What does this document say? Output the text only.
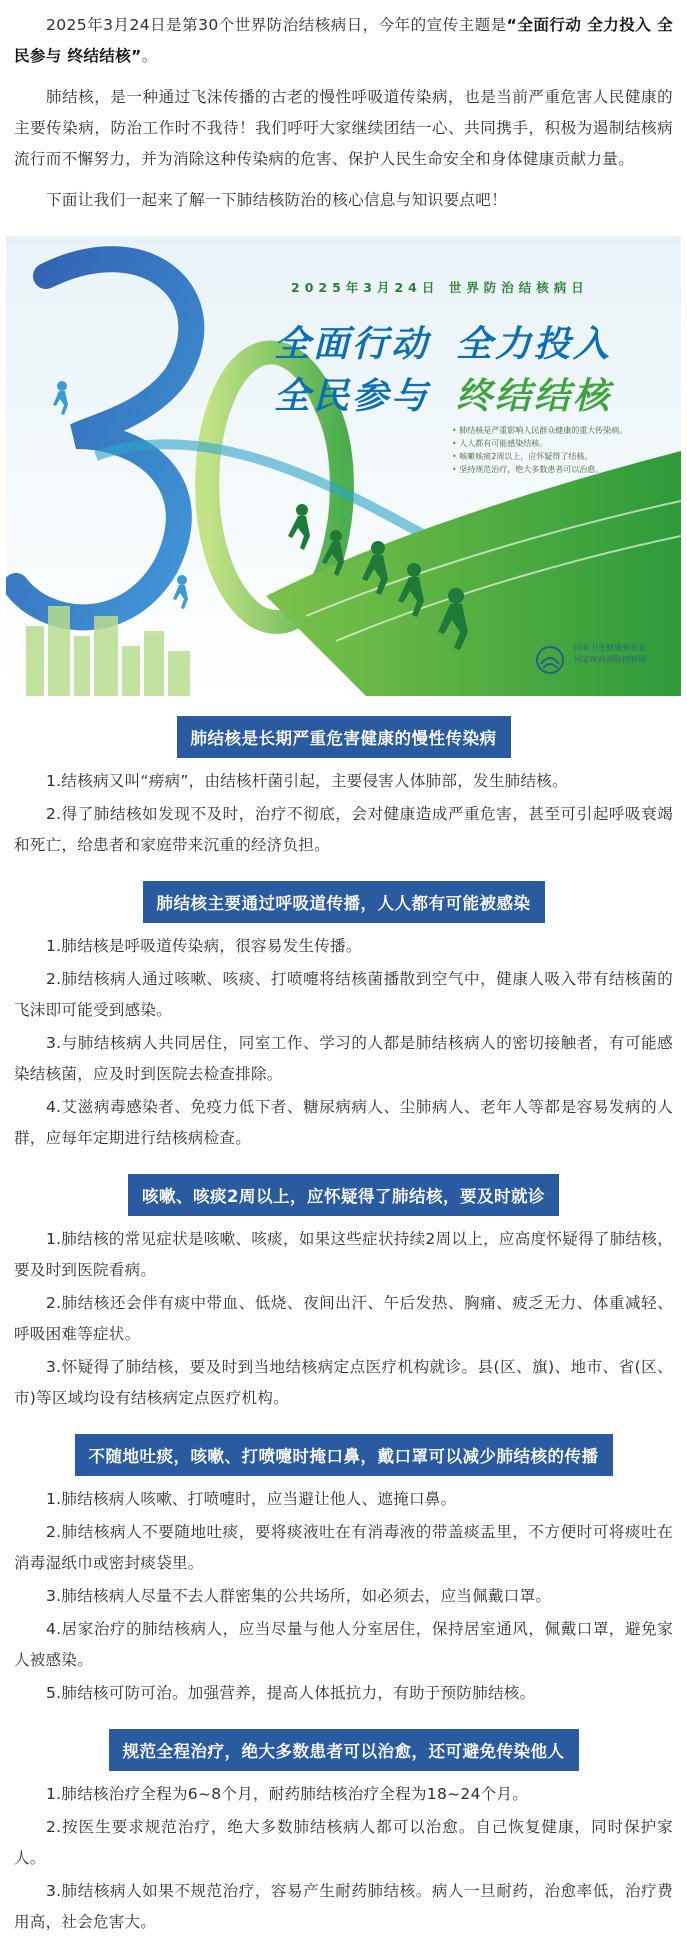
2025年3月24日是第30个世界防治结核病日，今年的宣传主题是“全面行动 全力投入 全民参与 终结结核”。

肺结核，是一种通过飞沫传播的古老的慢性呼吸道传染病，也是当前严重危害人民健康的主要传染病，防治工作时不我待！我们呼吁大家继续团结一心、共同携手，积极为遏制结核病流行而不懈努力，并为消除这种传染病的危害、保护人民生命安全和身体健康贡献力量。

下面让我们一起来了解一下肺结核防治的核心信息与知识要点吧！

2025年3月24日 世界防治结核病日
全面行动 全力投入
全民参与 终结结核
• 肺结核是严重影响人民群众健康的重大传染病。
• 人人都有可能感染结核。
• 咳嗽咳痰2周以上，应怀疑得了结核。
• 坚持规范治疗，绝大多数患者可以治愈。
国家卫生健康委员会
国家疾病预防控制局
肺结核是长期严重危害健康的慢性传染病

1.结核病又叫“痨病”，由结核杆菌引起，主要侵害人体肺部，发生肺结核。

2.得了肺结核如发现不及时，治疗不彻底，会对健康造成严重危害，甚至可引起呼吸衰竭和死亡，给患者和家庭带来沉重的经济负担。

肺结核主要通过呼吸道传播，人人都有可能被感染

1.肺结核是呼吸道传染病，很容易发生传播。

2.肺结核病人通过咳嗽、咳痰、打喷嚏将结核菌播散到空气中，健康人吸入带有结核菌的飞沫即可能受到感染。

3.与肺结核病人共同居住，同室工作、学习的人都是肺结核病人的密切接触者，有可能感染结核菌，应及时到医院去检查排除。

4.艾滋病毒感染者、免疫力低下者、糖尿病病人、尘肺病人、老年人等都是容易发病的人群，应每年定期进行结核病检查。

咳嗽、咳痰2周以上，应怀疑得了肺结核，要及时就诊

1.肺结核的常见症状是咳嗽、咳痰，如果这些症状持续2周以上，应高度怀疑得了肺结核，要及时到医院看病。

2.肺结核还会伴有痰中带血、低烧、夜间出汗、午后发热、胸痛、疲乏无力、体重减轻、呼吸困难等症状。

3.怀疑得了肺结核，要及时到当地结核病定点医疗机构就诊。县(区、旗)、地市、省(区、市)等区域均设有结核病定点医疗机构。

不随地吐痰，咳嗽、打喷嚏时掩口鼻，戴口罩可以减少肺结核的传播

1.肺结核病人咳嗽、打喷嚏时，应当避让他人、遮掩口鼻。

2.肺结核病人不要随地吐痰，要将痰液吐在有消毒液的带盖痰盂里，不方便时可将痰吐在消毒湿纸巾或密封痰袋里。

3.肺结核病人尽量不去人群密集的公共场所，如必须去，应当佩戴口罩。

4.居家治疗的肺结核病人，应当尽量与他人分室居住，保持居室通风，佩戴口罩，避免家人被感染。

5.肺结核可防可治。加强营养，提高人体抵抗力，有助于预防肺结核。

规范全程治疗，绝大多数患者可以治愈，还可避免传染他人

1.肺结核治疗全程为6~8个月，耐药肺结核治疗全程为18~24个月。

2.按医生要求规范治疗，绝大多数肺结核病人都可以治愈。自己恢复健康，同时保护家人。

3.肺结核病人如果不规范治疗，容易产生耐药肺结核。病人一旦耐药，治愈率低，治疗费用高，社会危害大。
